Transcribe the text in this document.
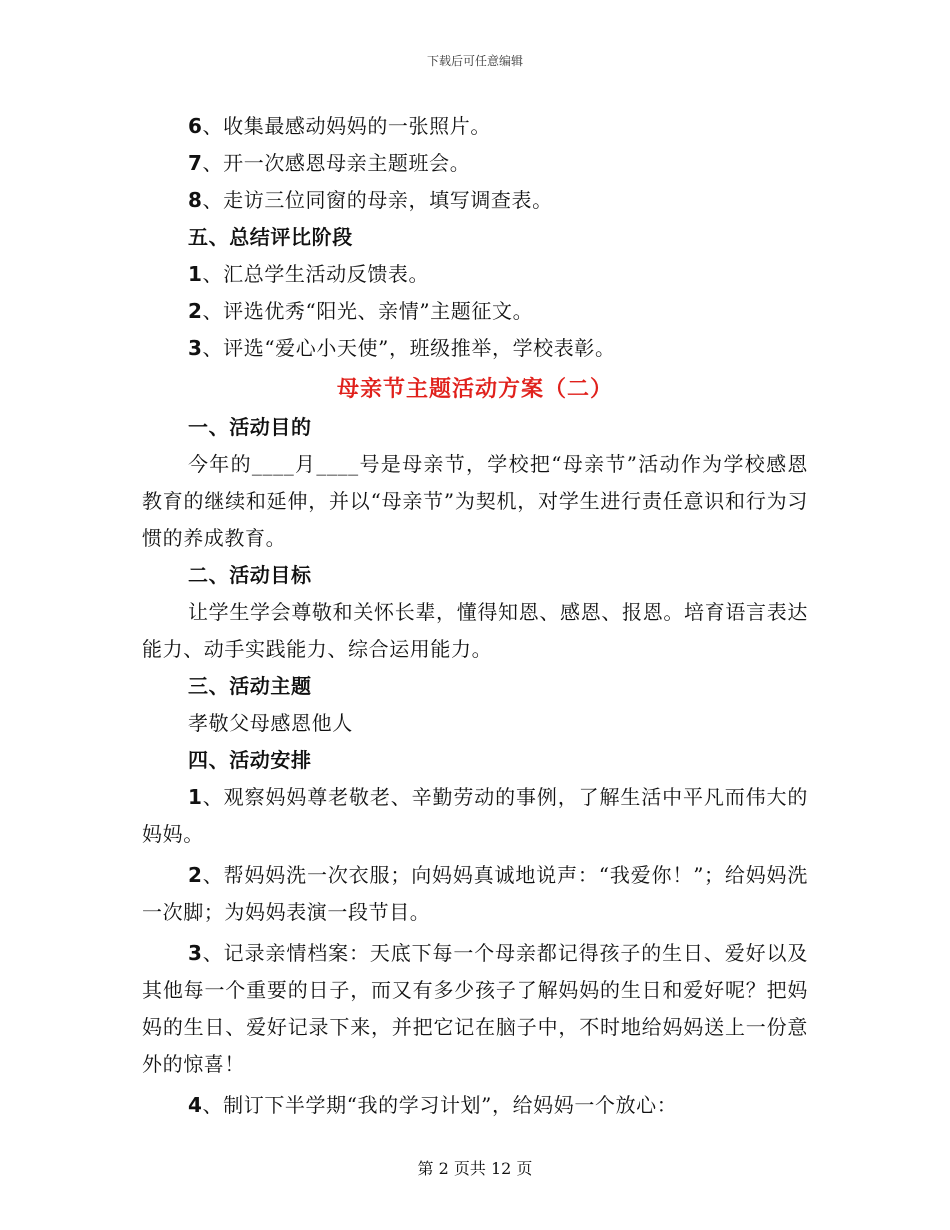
下载后可任意编辑
6、收集最感动妈妈的一张照片。
7、开一次感恩母亲主题班会。
8、走访三位同窗的母亲，填写调查表。
五、总结评比阶段
1、汇总学生活动反馈表。
2、评选优秀“阳光、亲情”主题征文。
3、评选“爱心小天使”，班级推举，学校表彰。
母亲节主题活动方案（二）
一、活动目的
今年的____月____号是母亲节，学校把“母亲节”活动作为学校感恩教育的继续和延伸，并以“母亲节”为契机，对学生进行责任意识和行为习惯的养成教育。
二、活动目标
让学生学会尊敬和关怀长辈，懂得知恩、感恩、报恩。培育语言表达能力、动手实践能力、综合运用能力。
三、活动主题
孝敬父母感恩他人
四、活动安排
1、观察妈妈尊老敬老、辛勤劳动的事例，了解生活中平凡而伟大的妈妈。
2、帮妈妈洗一次衣服；向妈妈真诚地说声：“我爱你！”；给妈妈洗一次脚；为妈妈表演一段节目。
3、记录亲情档案：天底下每一个母亲都记得孩子的生日、爱好以及其他每一个重要的日子，而又有多少孩子了解妈妈的生日和爱好呢？把妈妈的生日、爱好记录下来，并把它记在脑子中，不时地给妈妈送上一份意外的惊喜！
4、制订下半学期“我的学习计划”，给妈妈一个放心：
第 2 页共 12 页
